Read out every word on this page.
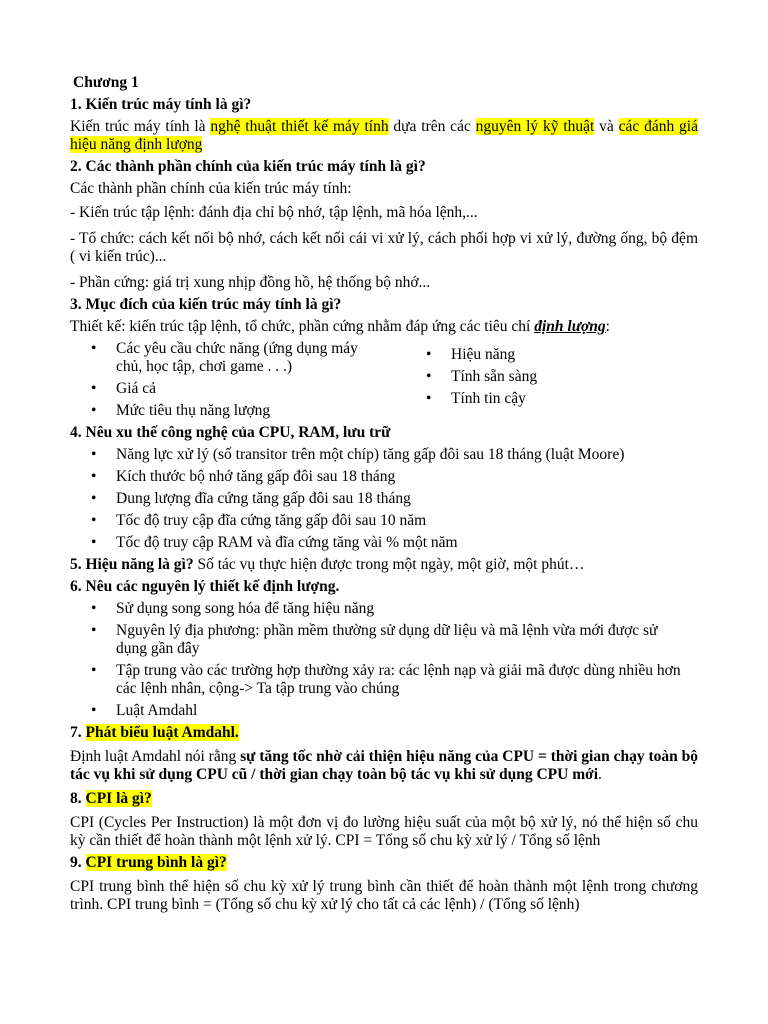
Chương 1

1. Kiến trúc máy tính là gì?

Kiến trúc máy tính là nghệ thuật thiết kế máy tính dựa trên các nguyên lý kỹ thuật và các đánh giá hiệu năng định lượng

2. Các thành phần chính của kiến trúc máy tính là gì?

Các thành phần chính của kiến trúc máy tính:

- Kiến trúc tập lệnh: đánh địa chỉ bộ nhớ, tập lệnh, mã hóa lệnh,...

- Tổ chức: cách kết nối bộ nhớ, cách kết nối cái vi xử lý, cách phối hợp vi xử lý, đường ống, bộ đệm ( vi kiến trúc)...

- Phần cứng: giá trị xung nhịp đồng hồ, hệ thống bộ nhớ...

3. Mục đích của kiến trúc máy tính là gì?

Thiết kế: kiến trúc tập lệnh, tổ chức, phần cứng nhằm đáp ứng các tiêu chí định lượng:

• Các yêu cầu chức năng (ứng dụng máy chủ, học tập, chơi game . . .)
• Giá cả
• Mức tiêu thụ năng lượng
• Hiệu năng
• Tính sẵn sàng
• Tính tin cậy

4. Nêu xu thế công nghệ của CPU, RAM, lưu trữ

• Năng lực xử lý (số transitor trên một chíp) tăng gấp đôi sau 18 tháng (luật Moore)
• Kích thước bộ nhớ tăng gấp đôi sau 18 tháng
• Dung lượng đĩa cứng tăng gấp đôi sau 18 tháng
• Tốc độ truy cập đĩa cứng tăng gấp đôi sau 10 năm
• Tốc độ truy cập RAM và đĩa cứng tăng vài % một năm

5. Hiệu năng là gì? Số tác vụ thực hiện được trong một ngày, một giờ, một phút…

6. Nêu các nguyên lý thiết kế định lượng.

• Sử dụng song song hóa để tăng hiệu năng
• Nguyên lý địa phương: phần mềm thường sử dụng dữ liệu và mã lệnh vừa mới được sử dụng gần đây
• Tập trung vào các trường hợp thường xảy ra: các lệnh nạp và giải mã được dùng nhiều hơn các lệnh nhân, cộng-> Ta tập trung vào chúng
• Luật Amdahl

7. Phát biểu luật Amdahl.

Định luật Amdahl nói rằng sự tăng tốc nhờ cải thiện hiệu năng của CPU = thời gian chạy toàn bộ tác vụ khi sử dụng CPU cũ / thời gian chạy toàn bộ tác vụ khi sử dụng CPU mới.

8. CPI là gì?

CPI (Cycles Per Instruction) là một đơn vị đo lường hiệu suất của một bộ xử lý, nó thể hiện số chu kỳ cần thiết để hoàn thành một lệnh xử lý. CPI = Tổng số chu kỳ xử lý / Tổng số lệnh

9. CPI trung bình là gì?

CPI trung bình thể hiện số chu kỳ xử lý trung bình cần thiết để hoàn thành một lệnh trong chương trình. CPI trung bình = (Tổng số chu kỳ xử lý cho tất cả các lệnh) / (Tổng số lệnh)
